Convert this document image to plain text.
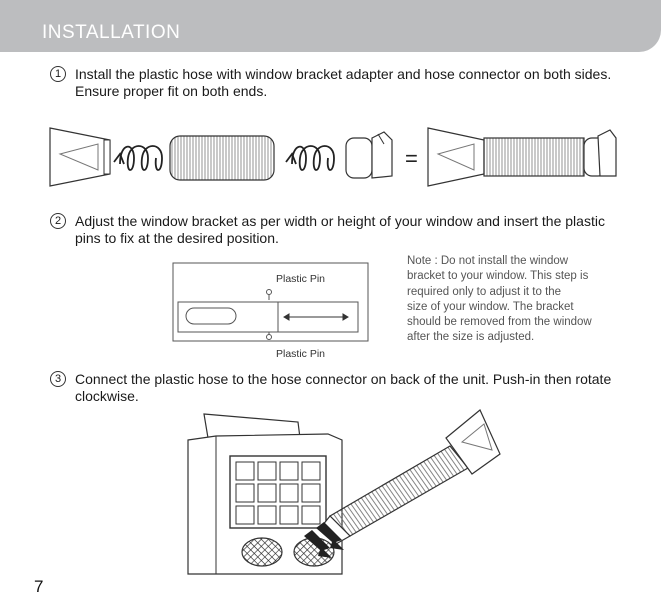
INSTALLATION
1 Install the plastic hose with window bracket adapter and hose connector on both sides.
Ensure proper fit on both ends.
=
2 Adjust the window bracket as per width or height of your window and insert the plastic
pins to fix at the desired position.
Plastic Pin
Plastic Pin
Note : Do not install the window
bracket to your window. This step is
required only to adjust it to the
size of your window. The bracket
should be removed from the window
after the size is adjusted.
3 Connect the plastic hose to the hose connector on back of the unit. Push-in then rotate
clockwise.
7
